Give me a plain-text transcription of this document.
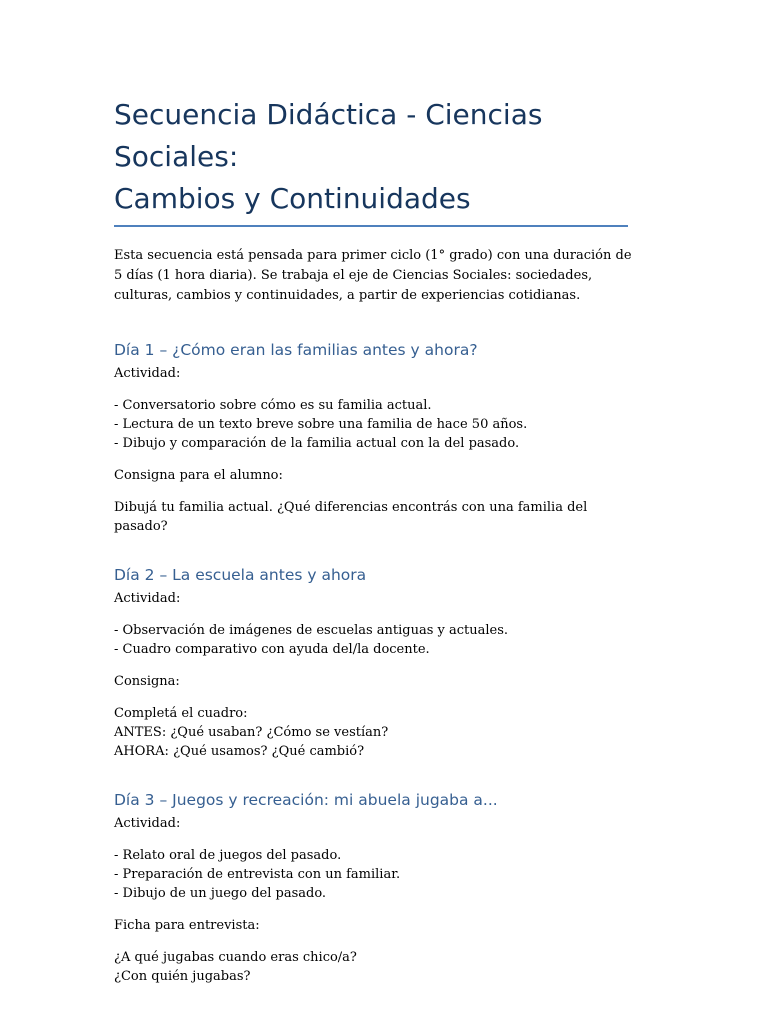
Secuencia Didáctica - Ciencias Sociales:
Cambios y Continuidades

Esta secuencia está pensada para primer ciclo (1° grado) con una duración de 5 días (1 hora diaria). Se trabaja el eje de Ciencias Sociales: sociedades, culturas, cambios y continuidades, a partir de experiencias cotidianas.

Día 1 – ¿Cómo eran las familias antes y ahora?

Actividad:

- Conversatorio sobre cómo es su familia actual.

- Lectura de un texto breve sobre una familia de hace 50 años.

- Dibujo y comparación de la familia actual con la del pasado.

Consigna para el alumno:

Dibujá tu familia actual. ¿Qué diferencias encontrás con una familia del pasado?

Día 2 – La escuela antes y ahora

Actividad:

- Observación de imágenes de escuelas antiguas y actuales.

- Cuadro comparativo con ayuda del/la docente.

Consigna:

Completá el cuadro:

ANTES: ¿Qué usaban? ¿Cómo se vestían?

AHORA: ¿Qué usamos? ¿Qué cambió?

Día 3 – Juegos y recreación: mi abuela jugaba a...

Actividad:

- Relato oral de juegos del pasado.

- Preparación de entrevista con un familiar.

- Dibujo de un juego del pasado.

Ficha para entrevista:

¿A qué jugabas cuando eras chico/a?

¿Con quién jugabas?
